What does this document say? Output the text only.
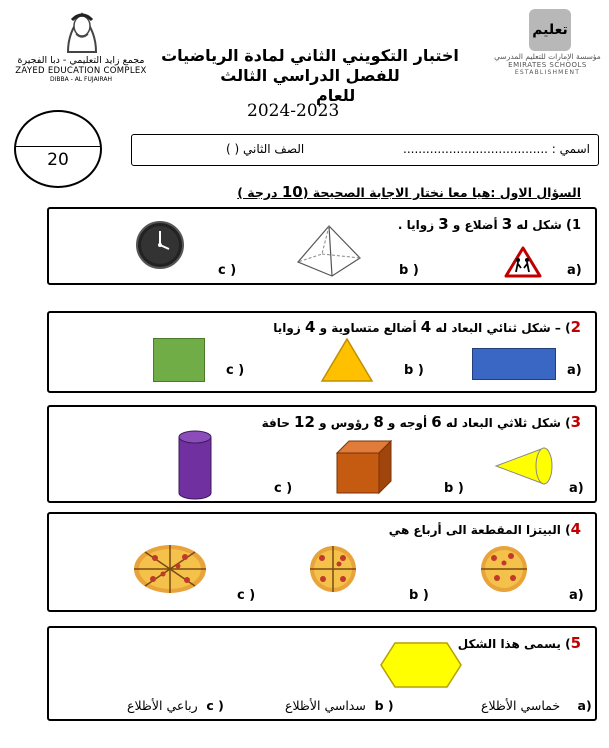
مجمع زايد التعليمي - دبا الفجيرة
ZAYED EDUCATION COMPLEX
DIBBA - AL FUJAIRAH
اختبار التكويني الثاني لمادة الرياضيات
للفصل الدراسي الثالث
للعام
2024-2023
تعليم
مؤسسة الإمارات للتعليم المدرسي
EMIRATES SCHOOLS
ESTABLISHMENT
20
اسمي : ......................................
الصف الثاني ( )
السؤال الاول :هيا معا نختار الاجابة الصحيحة (10 درجة )
1) شكل له 3 أضلاع و 3 زوايا .
a)
b )
c )
2) – شكل ثنائي البعاد له 4 أضالع متساوية و 4 زوايا
a)
b )
c )
3) شكل ثلاثي البعاد له 6 أوجه و 8 رؤوس و 12 حافة
a)
b )
c )
4) البيتزا المقطعة الى أرباع هي
a)
b )
c )
5) يسمى هذا الشكل
خماسي الأظلاع a)
سداسي الأظلاع b )
رباعي الأظلاع c )
